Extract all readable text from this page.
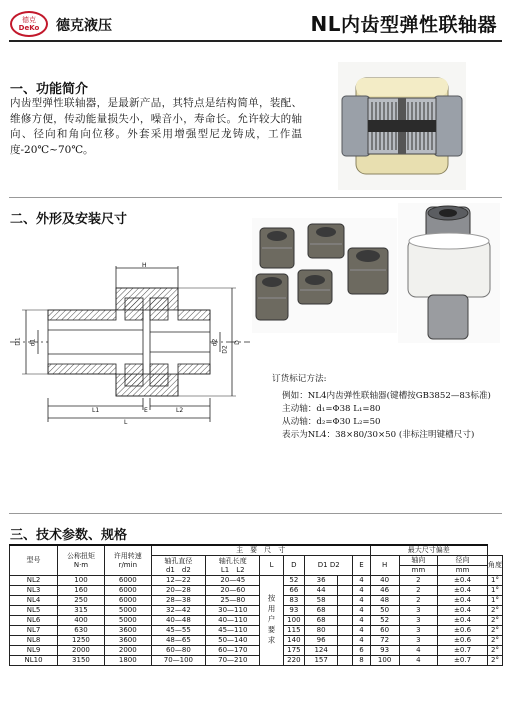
德克
DeKo	德克液压	NL内齿型弹性联轴器
一、功能简介
内齿型弹性联轴器，是最新产品，其特点是结构简单，装配、维修方便，传动能量损失小，噪音小，寿命长。允许较大的轴向、径向和角向位移。外套采用增强型尼龙铸成，工作温度-20℃~70℃。
二、外形及安装尺寸
H
D1 d1	d2
D2
D
L1	E	L2
L
订货标记方法:
例如：NL4内齿弹性联轴器(键槽按GB3852—83标准)
主动轴：d₁=Φ38 L₁=80
从动轴：d₂=Φ30 L₂=50
表示为NL4：38×80/30×50 (非标注明键槽尺寸)
三、技术参数、规格
型号	公称扭矩
N·m	许用转速
r/min	主　要　尺　寸							最大尺寸偏差			
			轴孔直径
d1　d2	轴孔长度
L1　L2	L	D	D1 D2		E	H	轴向	径向	角度
											mm	mm	
NL2	100	6000	12—22	20—45	按用户要求	52	36		4	40	2	±0.4	1°
NL3	160	6000	20—28	20—60		66	44		4	46	2	±0.4	1°
NL4	250	6000	28—38	25—80		83	58		4	48	2	±0.4	1°
NL5	315	5000	32—42	30—110		93	68		4	50	3	±0.4	2°
NL6	400	5000	40—48	40—110		100	68		4	52	3	±0.4	2°
NL7	630	3600	45—55	45—110		115	80		4	60	3	±0.6	2°
NL8	1250	3600	48—65	50—140		140	96		4	72	3	±0.6	2°
NL9	2000	2000	60—80	60—170		175	124		6	93	4	±0.7	2°
NL10	3150	1800	70—100	70—210		220	157		8	100	4	±0.7	2°
